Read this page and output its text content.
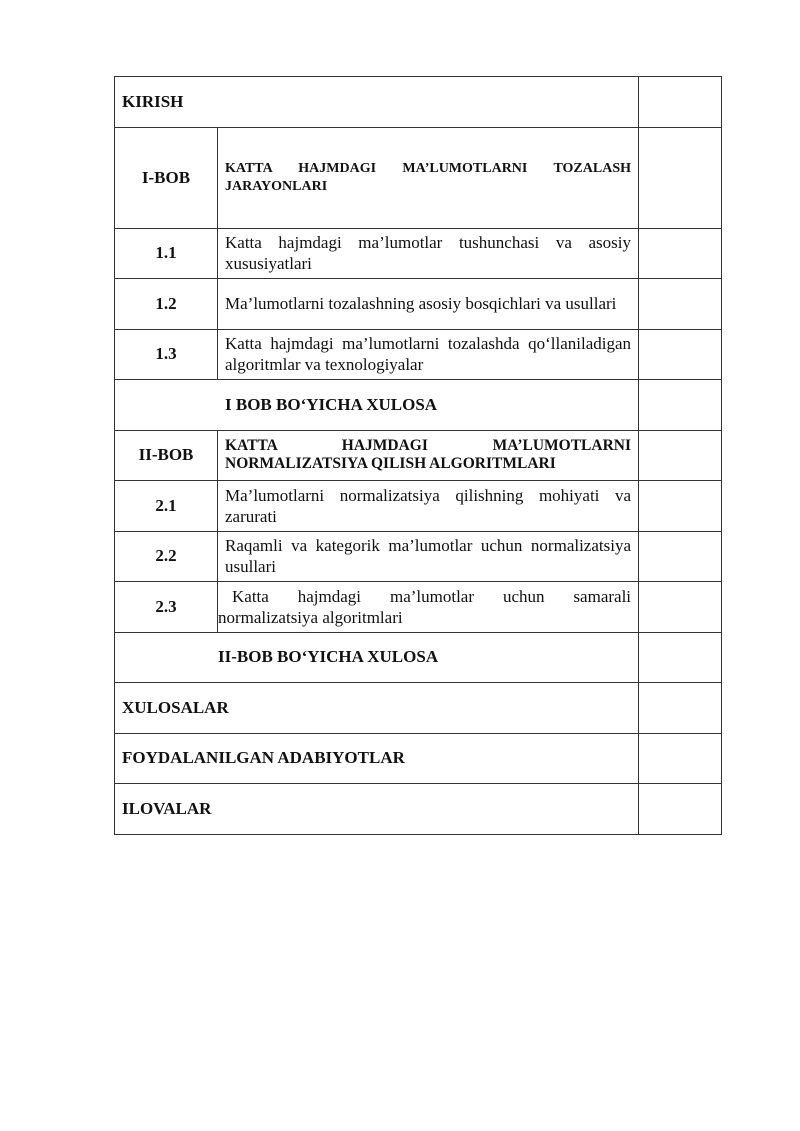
KIRISH		
I-BOB	KATTA HAJMDAGI MA’LUMOTLARNI TOZALASH JARAYONLARI	
1.1	Katta hajmdagi ma’lumotlar tushunchasi va asosiy xususiyatlari	
1.2	Ma’lumotlarni tozalashning asosiy bosqichlari va usullari	
1.3	Katta hajmdagi ma’lumotlarni tozalashda qo‘llaniladigan algoritmlar va texnologiyalar	
I BOB BO‘YICHA XULOSA		
II-BOB	KATTA HAJMDAGI MA’LUMOTLARNI NORMALIZATSIYA QILISH ALGORITMLARI	
2.1	Ma’lumotlarni normalizatsiya qilishning mohiyati va zarurati	
2.2	Raqamli va kategorik ma’lumotlar uchun normalizatsiya usullari	
2.3	Katta hajmdagi ma’lumotlar uchun samarali normalizatsiya algoritmlari	
II-BOB BO‘YICHA XULOSA		
XULOSALAR		
FOYDALANILGAN ADABIYOTLAR		
ILOVALAR		
